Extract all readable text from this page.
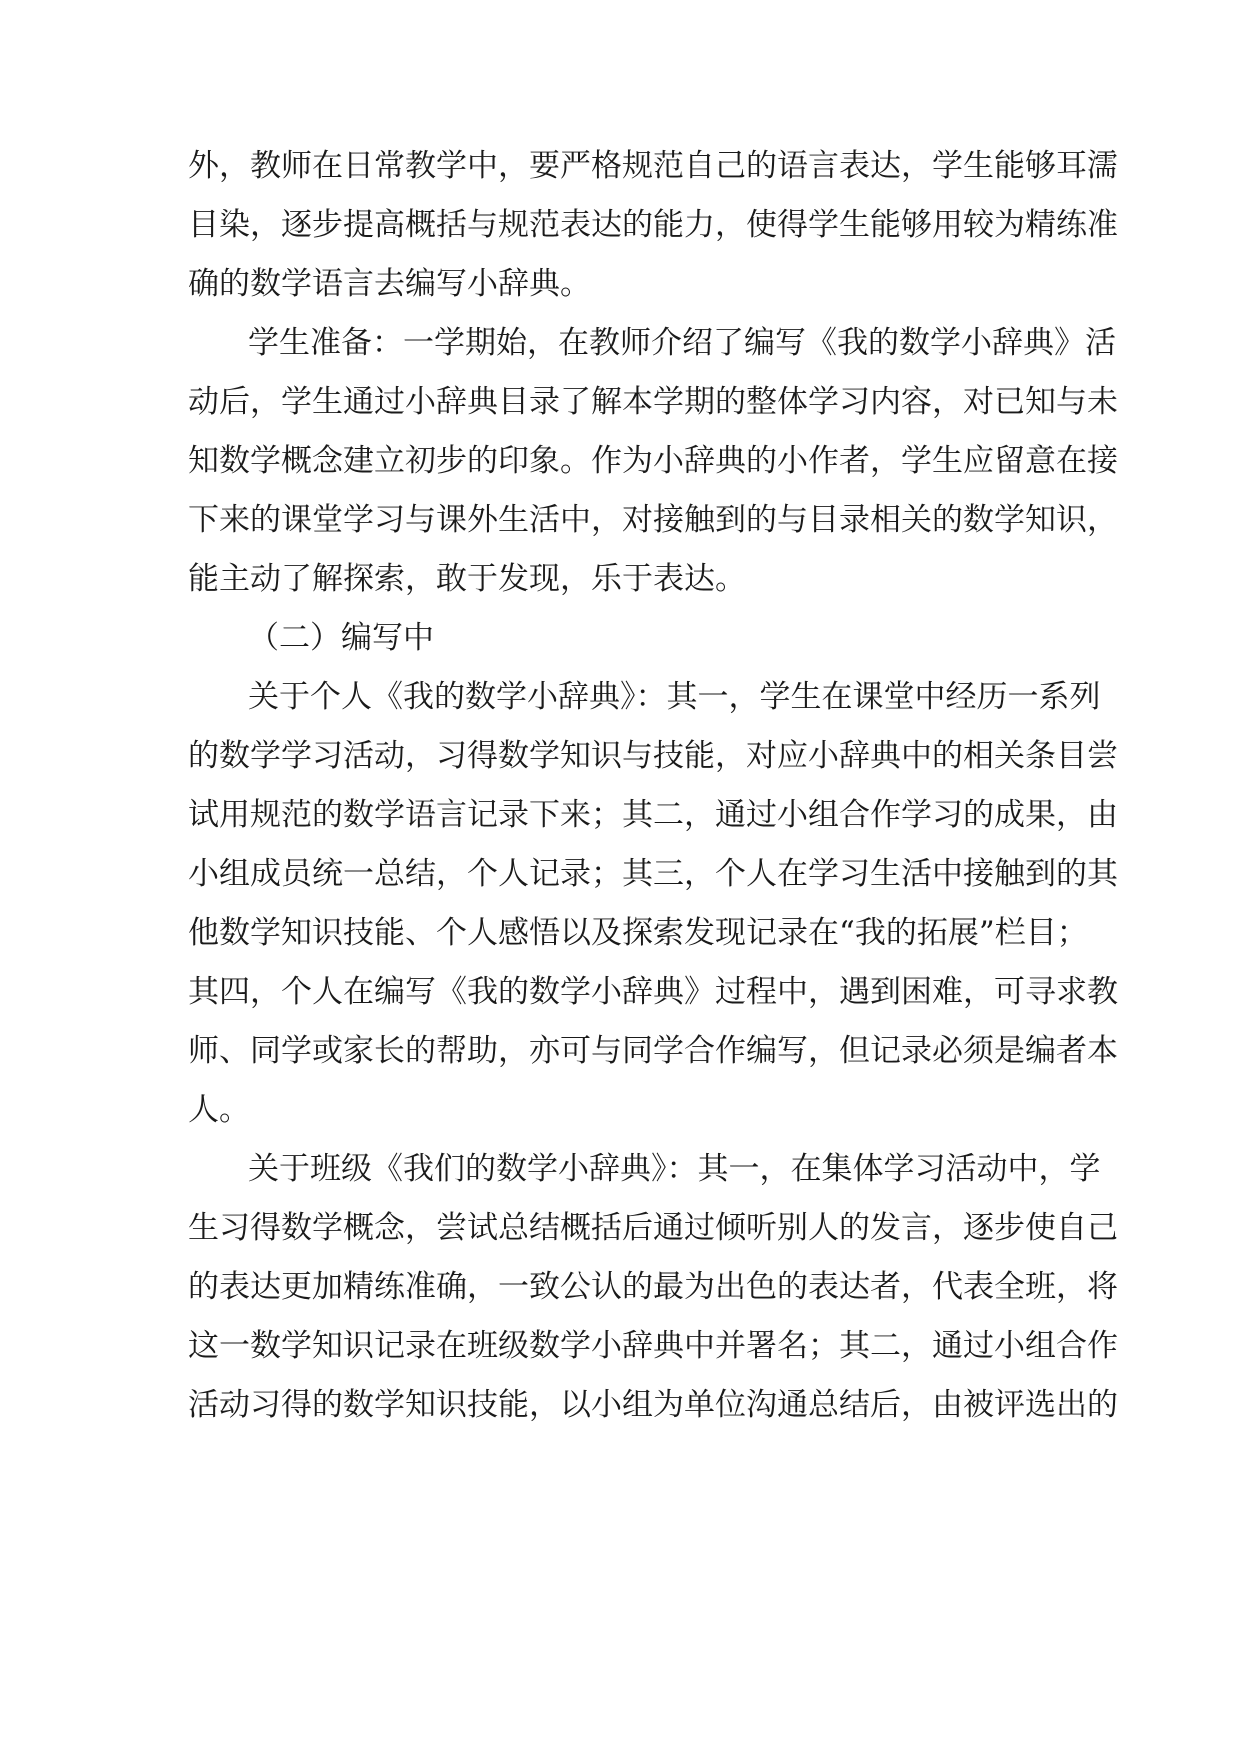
外，教师在日常教学中，要严格规范自己的语言表达，学生能够耳濡
目染，逐步提高概括与规范表达的能力，使得学生能够用较为精练准
确的数学语言去编写小辞典。
学生准备：一学期始，在教师介绍了编写《我的数学小辞典》活
动后，学生通过小辞典目录了解本学期的整体学习内容，对已知与未
知数学概念建立初步的印象。作为小辞典的小作者，学生应留意在接
下来的课堂学习与课外生活中，对接触到的与目录相关的数学知识，
能主动了解探索，敢于发现，乐于表达。
（二）编写中
关于个人《我的数学小辞典》：其一，学生在课堂中经历一系列
的数学学习活动，习得数学知识与技能，对应小辞典中的相关条目尝
试用规范的数学语言记录下来；其二，通过小组合作学习的成果，由
小组成员统一总结，个人记录；其三，个人在学习生活中接触到的其
他数学知识技能、个人感悟以及探索发现记录在“我的拓展”栏目；
其四，个人在编写《我的数学小辞典》过程中，遇到困难，可寻求教
师、同学或家长的帮助，亦可与同学合作编写，但记录必须是编者本
人。
关于班级《我们的数学小辞典》：其一，在集体学习活动中，学
生习得数学概念，尝试总结概括后通过倾听别人的发言，逐步使自己
的表达更加精练准确，一致公认的最为出色的表达者，代表全班，将
这一数学知识记录在班级数学小辞典中并署名；其二，通过小组合作
活动习得的数学知识技能，以小组为单位沟通总结后，由被评选出的
